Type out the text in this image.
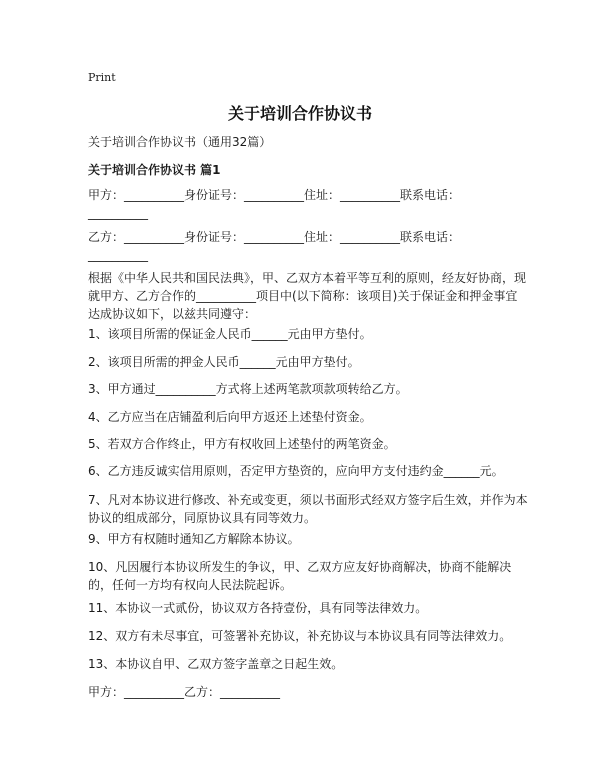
Print
关于培训合作协议书
关于培训合作协议书（通用32篇）
关于培训合作协议书 篇1
甲方：__________身份证号：__________住址：__________联系电话：
__________
乙方：__________身份证号：__________住址：__________联系电话：
__________
根据《中华人民共和国民法典》，甲、乙双方本着平等互利的原则，经友好协商，现就甲方、乙方合作的__________项目中(以下简称：该项目)关于保证金和押金事宜达成协议如下，以兹共同遵守：
1、该项目所需的保证金人民币______元由甲方垫付。
2、该项目所需的押金人民币______元由甲方垫付。
3、甲方通过__________方式将上述两笔款项款项转给乙方。
4、乙方应当在店铺盈利后向甲方返还上述垫付资金。
5、若双方合作终止，甲方有权收回上述垫付的两笔资金。
6、乙方违反诚实信用原则，否定甲方垫资的，应向甲方支付违约金______元。
7、凡对本协议进行修改、补充或变更，须以书面形式经双方签字后生效，并作为本协议的组成部分，同原协议具有同等效力。
9、甲方有权随时通知乙方解除本协议。
10、凡因履行本协议所发生的争议，甲、乙双方应友好协商解决，协商不能解决的，任何一方均有权向人民法院起诉。
11、本协议一式贰份，协议双方各持壹份，具有同等法律效力。
12、双方有未尽事宜，可签署补充协议，补充协议与本协议具有同等法律效力。
13、本协议自甲、乙双方签字盖章之日起生效。
甲方：__________乙方：__________
